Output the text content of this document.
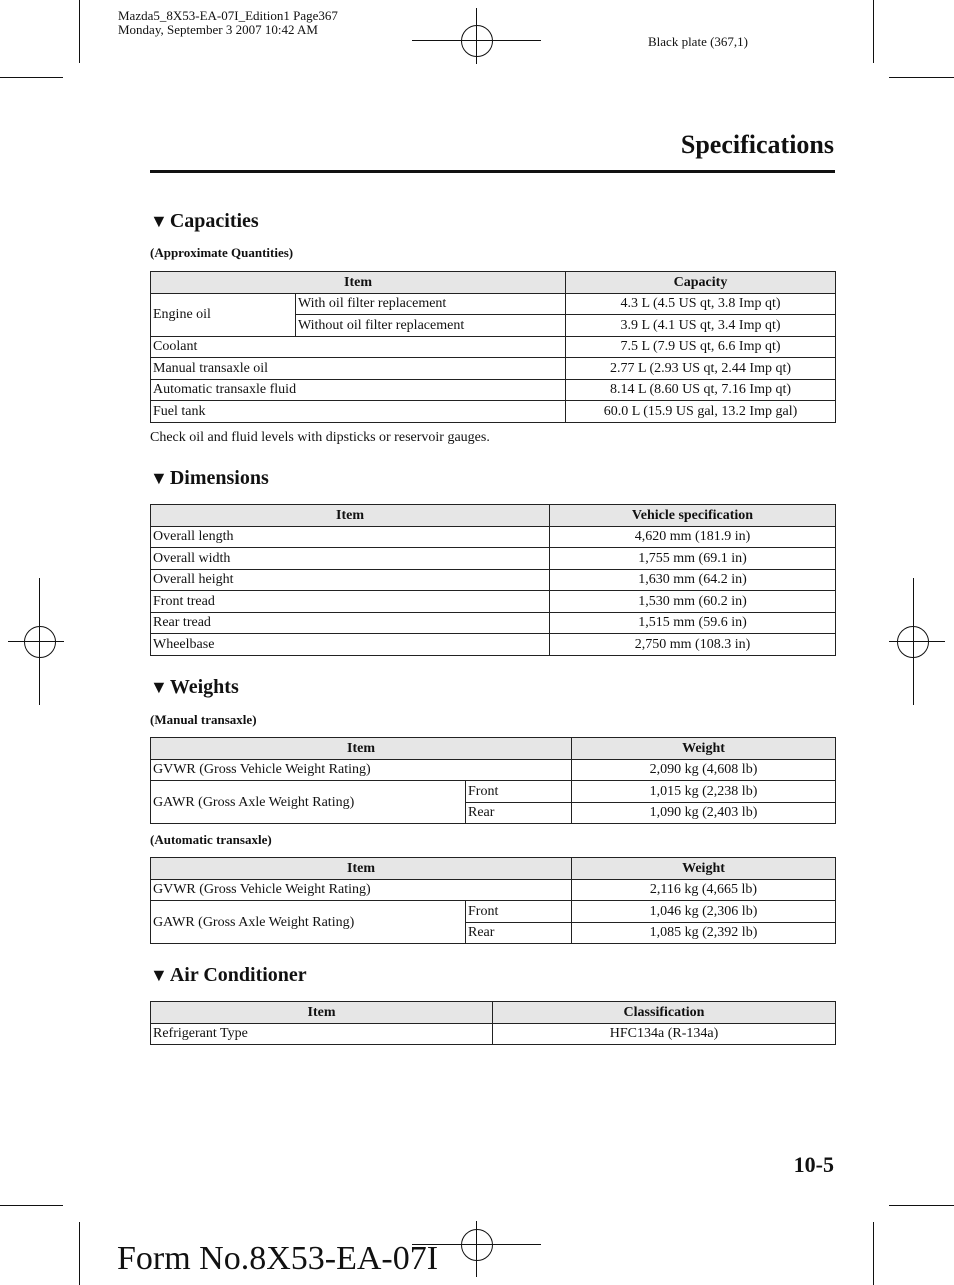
Mazda5_8X53-EA-07I_Edition1 Page367
Monday, September 3 2007 10:42 AM
Black plate (367,1)
Specifications
▼ Capacities
(Approximate Quantities)
Item		Capacity
Engine oil	With oil filter replacement	4.3 L (4.5 US qt, 3.8 Imp qt)
	Without oil filter replacement	3.9 L (4.1 US qt, 3.4 Imp qt)
Coolant		7.5 L (7.9 US qt, 6.6 Imp qt)
Manual transaxle oil		2.77 L (2.93 US qt, 2.44 Imp qt)
Automatic transaxle fluid		8.14 L (8.60 US qt, 7.16 Imp qt)
Fuel tank		60.0 L (15.9 US gal, 13.2 Imp gal)
Check oil and fluid levels with dipsticks or reservoir gauges.
▼ Dimensions
Item	Vehicle specification
Overall length	4,620 mm (181.9 in)
Overall width	1,755 mm (69.1 in)
Overall height	1,630 mm (64.2 in)
Front tread	1,530 mm (60.2 in)
Rear tread	1,515 mm (59.6 in)
Wheelbase	2,750 mm (108.3 in)
▼ Weights
(Manual transaxle)
Item		Weight
GVWR (Gross Vehicle Weight Rating)		2,090 kg (4,608 lb)
GAWR (Gross Axle Weight Rating)	Front	1,015 kg (2,238 lb)
	Rear	1,090 kg (2,403 lb)
(Automatic transaxle)
Item		Weight
GVWR (Gross Vehicle Weight Rating)		2,116 kg (4,665 lb)
GAWR (Gross Axle Weight Rating)	Front	1,046 kg (2,306 lb)
	Rear	1,085 kg (2,392 lb)
▼ Air Conditioner
Item	Classification
Refrigerant Type	HFC134a (R-134a)
10-5
Form No.8X53-EA-07I
